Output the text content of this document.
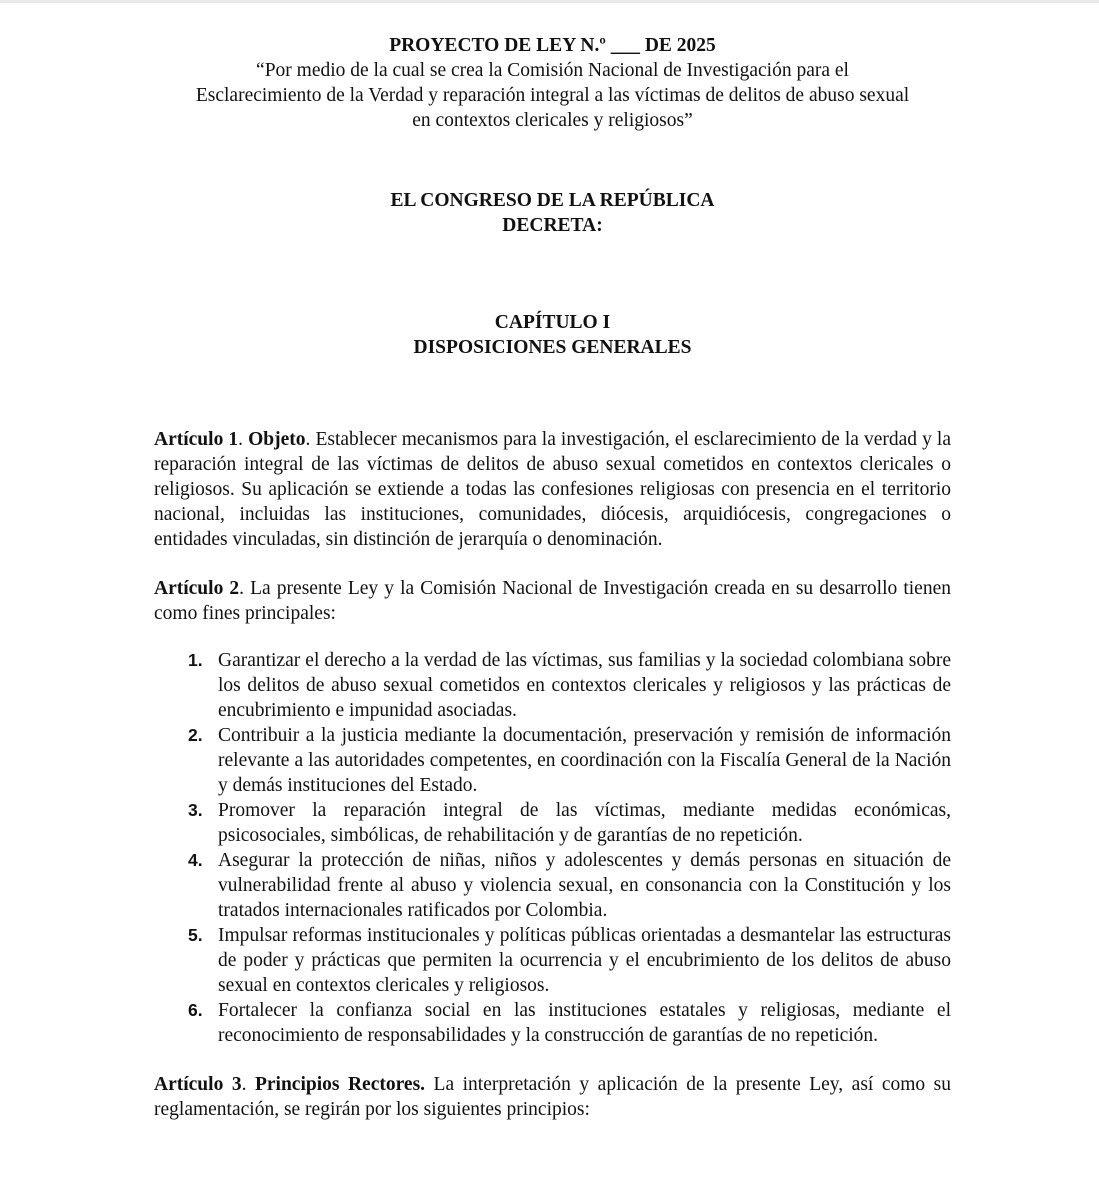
PROYECTO DE LEY N.º ___ DE 2025

“Por medio de la cual se crea la Comisión Nacional de Investigación para el
Esclarecimiento de la Verdad y reparación integral a las víctimas de delitos de abuso sexual
en contextos clericales y religiosos”

EL CONGRESO DE LA REPÚBLICA
DECRETA:
CAPÍTULO I
DISPOSICIONES GENERALES

Artículo 1. Objeto. Establecer mecanismos para la investigación, el esclarecimiento de la verdad y la reparación integral de las víctimas de delitos de abuso sexual cometidos en contextos clericales o religiosos. Su aplicación se extiende a todas las confesiones religiosas con presencia en el territorio nacional, incluidas las instituciones, comunidades, diócesis, arquidiócesis, congregaciones o entidades vinculadas, sin distinción de jerarquía o denominación.

Artículo 2. La presente Ley y la Comisión Nacional de Investigación creada en su desarrollo tienen como fines principales:

1. Garantizar el derecho a la verdad de las víctimas, sus familias y la sociedad colombiana sobre los delitos de abuso sexual cometidos en contextos clericales y religiosos y las prácticas de encubrimiento e impunidad asociadas.
2. Contribuir a la justicia mediante la documentación, preservación y remisión de información relevante a las autoridades competentes, en coordinación con la Fiscalía General de la Nación y demás instituciones del Estado.
3. Promover la reparación integral de las víctimas, mediante medidas económicas, psicosociales, simbólicas, de rehabilitación y de garantías de no repetición.
4. Asegurar la protección de niñas, niños y adolescentes y demás personas en situación de vulnerabilidad frente al abuso y violencia sexual, en consonancia con la Constitución y los tratados internacionales ratificados por Colombia.
5. Impulsar reformas institucionales y políticas públicas orientadas a desmantelar las estructuras de poder y prácticas que permiten la ocurrencia y el encubrimiento de los delitos de abuso sexual en contextos clericales y religiosos.
6. Fortalecer la confianza social en las instituciones estatales y religiosas, mediante el reconocimiento de responsabilidades y la construcción de garantías de no repetición.

Artículo 3. Principios Rectores. La interpretación y aplicación de la presente Ley, así como su reglamentación, se regirán por los siguientes principios:
